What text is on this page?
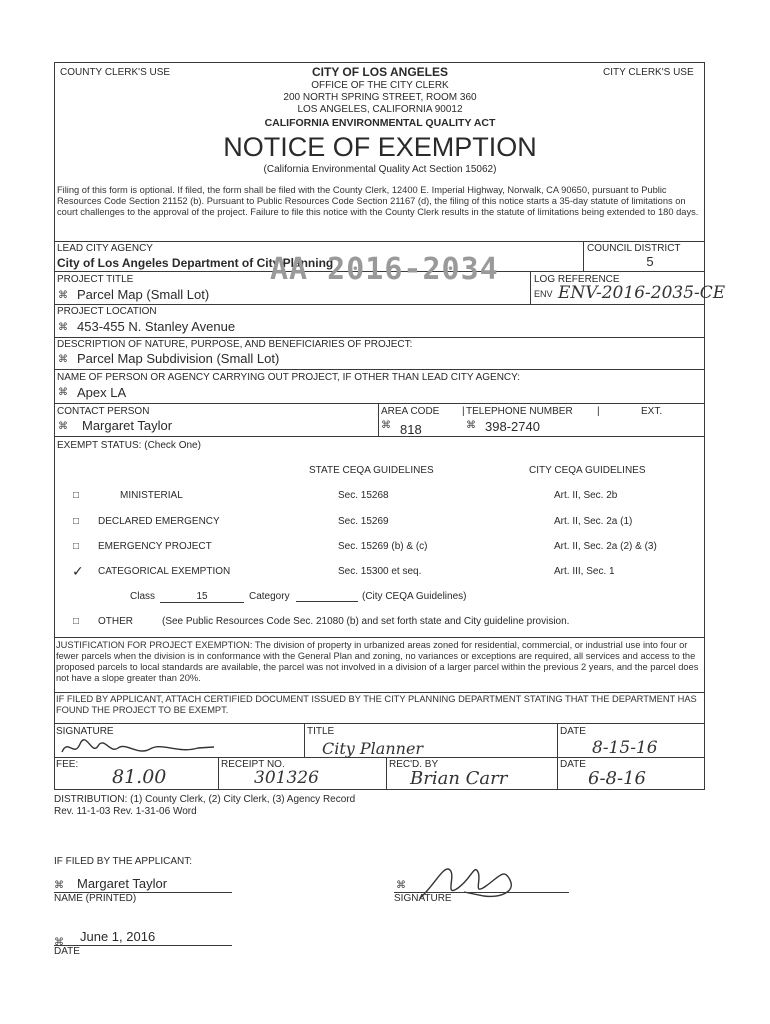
COUNTY CLERK'S USE	CITY CLERK'S USE
CITY OF LOS ANGELES
OFFICE OF THE CITY CLERK
200 NORTH SPRING STREET, ROOM 360
LOS ANGELES, CALIFORNIA 90012
CALIFORNIA ENVIRONMENTAL QUALITY ACT
NOTICE OF EXEMPTION
(California Environmental Quality Act Section 15062)
Filing of this form is optional. If filed, the form shall be filed with the County Clerk, 12400 E. Imperial Highway, Norwalk, CA 90650, pursuant to Public Resources Code Section 21152 (b). Pursuant to Public Resources Code Section 21167 (d), the filing of this notice starts a 35-day statute of limitations on court challenges to the approval of the project. Failure to file this notice with the County Clerk results in the statute of limitations being extended to 180 days.
LEAD CITY AGENCY
City of Los Angeles Department of City Planning
COUNCIL DISTRICT
5
PROJECT TITLE
⌘ Parcel Map (Small Lot)
AA 2016-2034	LOG REFERENCE
ENV ENV-2016-2035-CE
PROJECT LOCATION
⌘ 453-455 N. Stanley Avenue
DESCRIPTION OF NATURE, PURPOSE, AND BENEFICIARIES OF PROJECT:
⌘ Parcel Map Subdivision (Small Lot)
NAME OF PERSON OR AGENCY CARRYING OUT PROJECT, IF OTHER THAN LEAD CITY AGENCY:
⌘ Apex LA
CONTACT PERSON
⌘ Margaret Taylor
AREA CODE
⌘ 818
| TELEPHONE NUMBER |
⌘ 398-2740
EXT.
EXEMPT STATUS: (Check One)
STATE CEQA GUIDELINES	CITY CEQA GUIDELINES
□	MINISTERIAL	Sec. 15268	Art. II, Sec. 2b
□ DECLARED EMERGENCY	Sec. 15269	Art. II, Sec. 2a (1)
□ EMERGENCY PROJECT	Sec. 15269 (b) & (c)	Art. II, Sec. 2a (2) & (3)
✓ CATEGORICAL EXEMPTION	Sec. 15300 et seq.	Art. III, Sec. 1
Class	15	Category	(City CEQA Guidelines)
□ OTHER	(See Public Resources Code Sec. 21080 (b) and set forth state and City guideline provision.
JUSTIFICATION FOR PROJECT EXEMPTION: The division of property in urbanized areas zoned for residential, commercial, or industrial use into four or fewer parcels when the division is in conformance with the General Plan and zoning, no variances or exceptions are required, all services and access to the proposed parcels to local standards are available, the parcel was not involved in a division of a larger parcel within the previous 2 years, and the parcel does not have a slope greater than 20%.
IF FILED BY APPLICANT, ATTACH CERTIFIED DOCUMENT ISSUED BY THE CITY PLANNING DEPARTMENT STATING THAT THE DEPARTMENT HAS FOUND THE PROJECT TO BE EXEMPT.
SIGNATURE	TITLE
City Planner
DATE
8-15-16
FEE:
81.00
RECEIPT NO.
301326
REC'D. BY
Brian Carr
DATE
6-8-16
DISTRIBUTION: (1) County Clerk, (2) City Clerk, (3) Agency Record
Rev. 11-1-03 Rev. 1-31-06 Word
IF FILED BY THE APPLICANT:
⌘ Margaret Taylor
NAME (PRINTED)
⌘
SIGNATURE
⌘ June 1, 2016
DATE
